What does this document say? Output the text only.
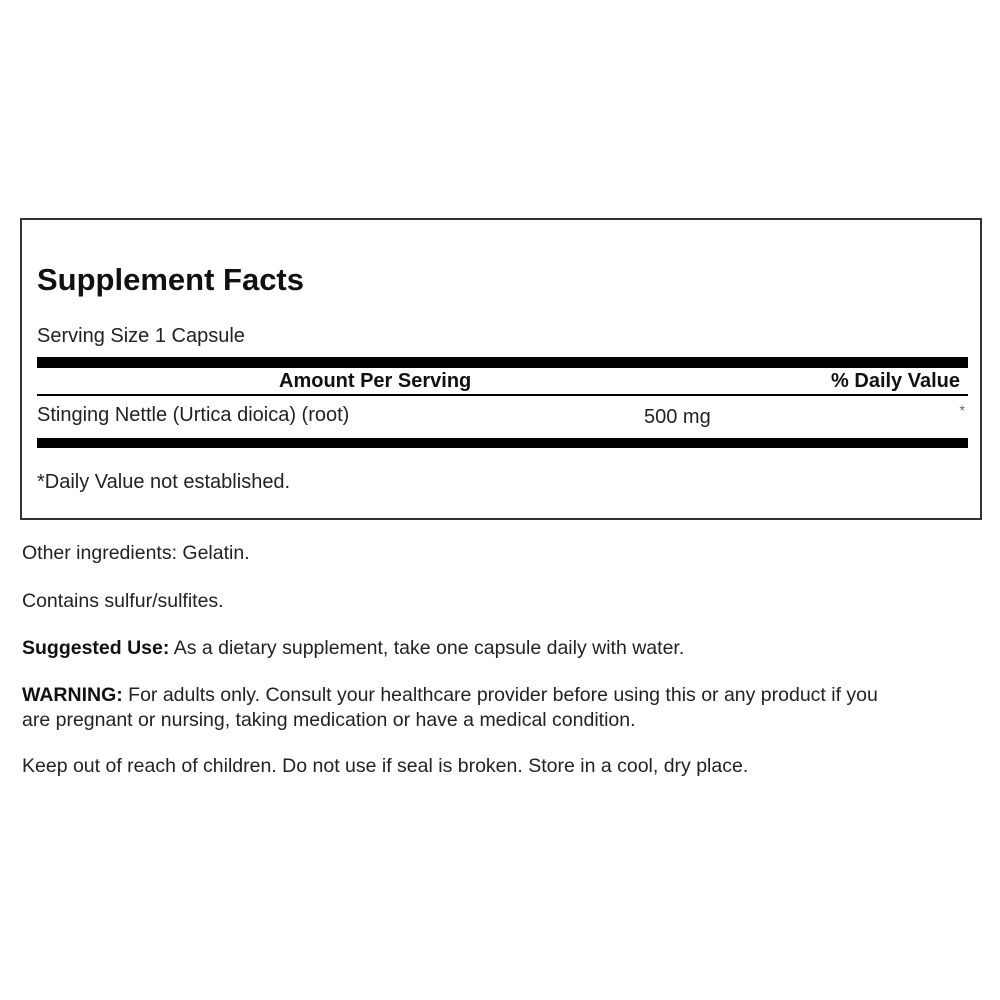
Supplement Facts
Serving Size 1 Capsule
Amount Per Serving	% Daily Value
Stinging Nettle (Urtica dioica) (root)	500 mg	*
*Daily Value not established.
Other ingredients: Gelatin.
Contains sulfur/sulfites.
Suggested Use: As a dietary supplement, take one capsule daily with water.
WARNING: For adults only. Consult your healthcare provider before using this or any product if you
are pregnant or nursing, taking medication or have a medical condition.
Keep out of reach of children. Do not use if seal is broken. Store in a cool, dry place.
